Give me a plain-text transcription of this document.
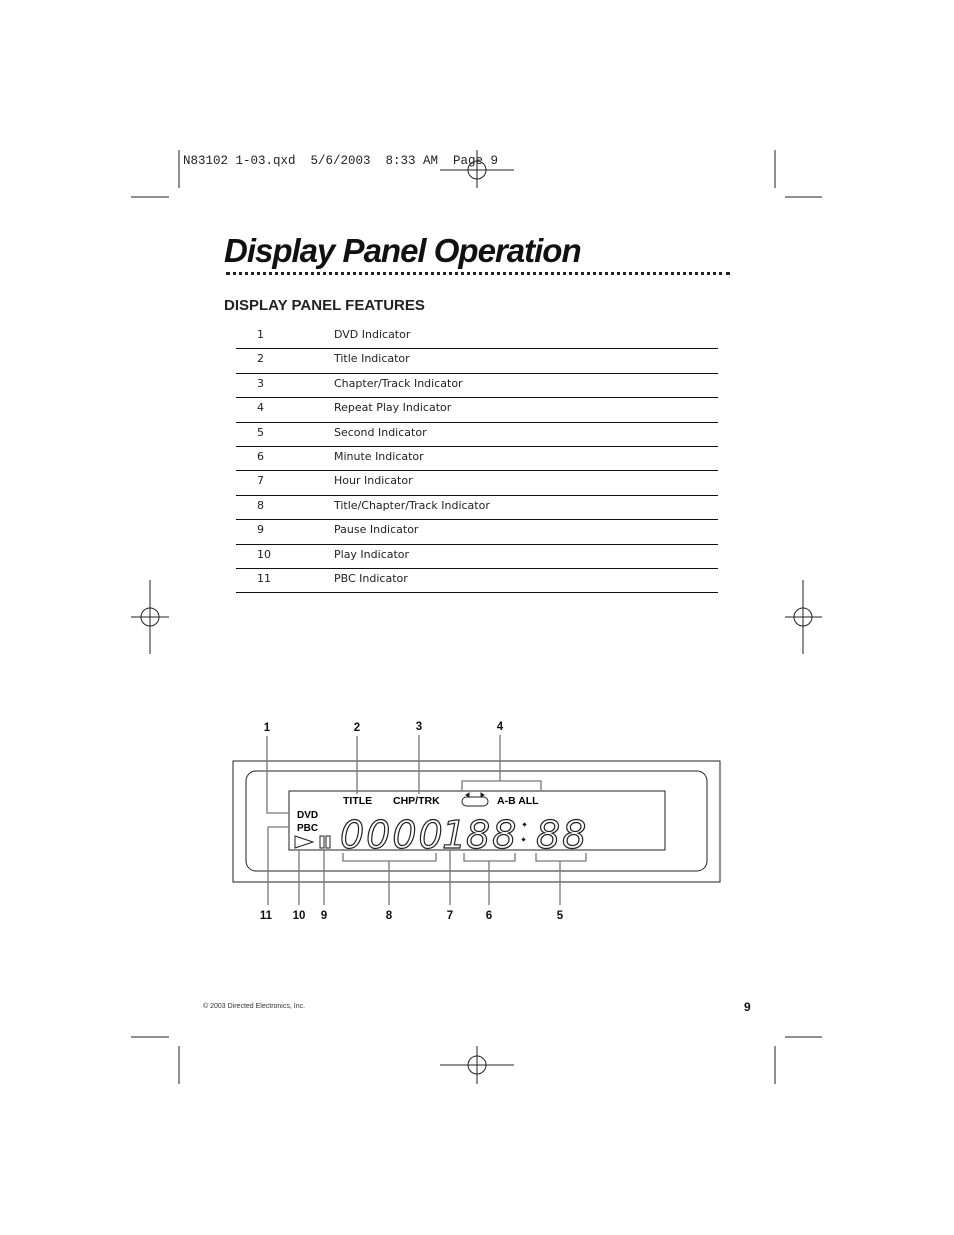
N83102 1-03.qxd  5/6/2003  8:33 AM  Page 9
Display Panel Operation
DISPLAY PANEL FEATURES
1	DVD Indicator
2	Title Indicator
3	Chapter/Track Indicator
4	Repeat Play Indicator
5	Second Indicator
6	Minute Indicator
7	Hour Indicator
8	Title/Chapter/Track Indicator
9	Pause Indicator
10	Play Indicator
11	PBC Indicator
TITLE CHP/TRK	A-B ALL
DVD
PBC 0000
1 88 88
1	2	3	4
11 10 9	8	7	6	5
© 2003 Directed Electronics, Inc.	9
